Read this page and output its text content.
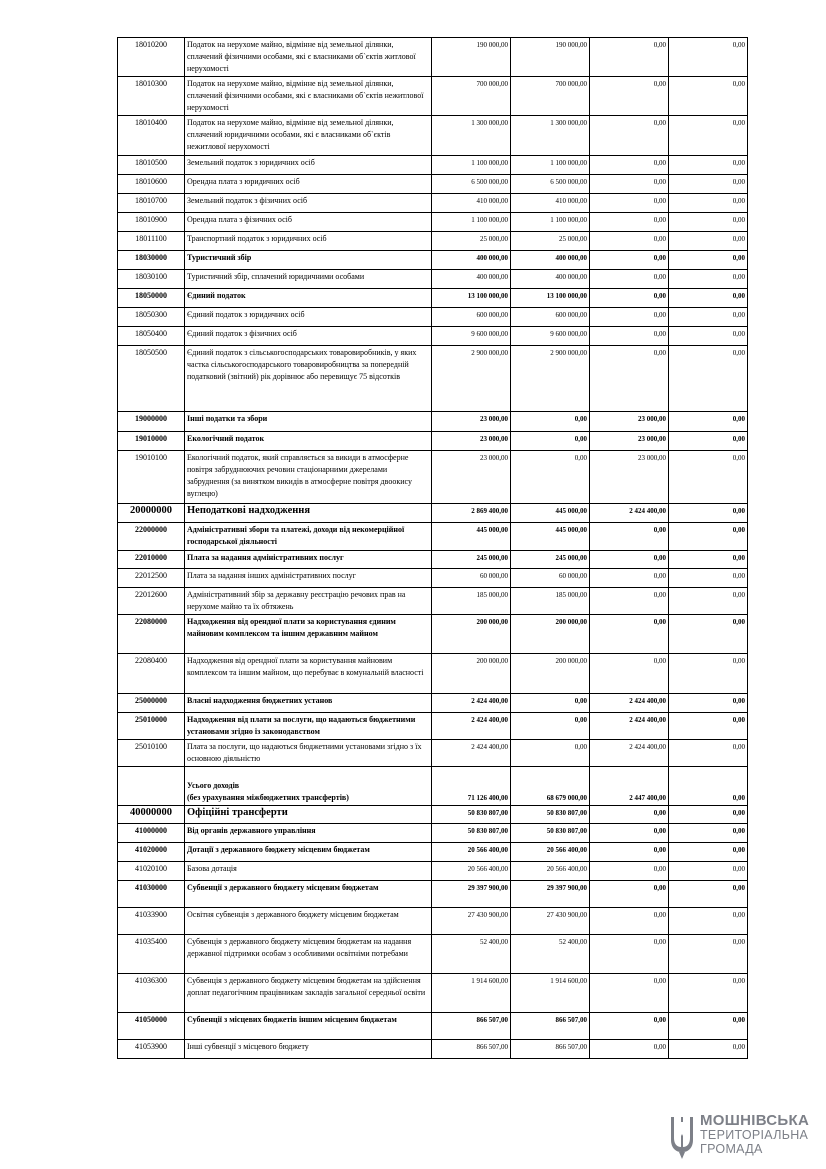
18010200	Податок на нерухоме майно, відмінне від земельної ділянки, сплачений фізичними особами, які є власниками об`єктів житлової нерухомості	190 000,00	190 000,00	0,00	0,00
18010300	Податок на нерухоме майно, відмінне від земельної ділянки, сплачений фізичними особами, які є власниками об`єктів нежитлової нерухомості	700 000,00	700 000,00	0,00	0,00
18010400	Податок на нерухоме майно, відмінне від земельної ділянки, сплачений юридичними особами, які є власниками об`єктів нежитлової нерухомості	1 300 000,00	1 300 000,00	0,00	0,00
18010500	Земельний податок з юридичних осіб	1 100 000,00	1 100 000,00	0,00	0,00
18010600	Орендна плата з юридичних осіб	6 500 000,00	6 500 000,00	0,00	0,00
18010700	Земельний податок з фізичних осіб	410 000,00	410 000,00	0,00	0,00
18010900	Орендна плата з фізичних осіб	1 100 000,00	1 100 000,00	0,00	0,00
18011100	Транспортний податок з юридичних осіб	25 000,00	25 000,00	0,00	0,00
18030000	Туристичний збір	400 000,00	400 000,00	0,00	0,00
18030100	Туристичний збір, сплачений юридичними особами	400 000,00	400 000,00	0,00	0,00
18050000	Єдиний податок	13 100 000,00	13 100 000,00	0,00	0,00
18050300	Єдиний податок з юридичних осіб	600 000,00	600 000,00	0,00	0,00
18050400	Єдиний податок з фізичних осіб	9 600 000,00	9 600 000,00	0,00	0,00
18050500	Єдиний податок з сільськогосподарських товаровиробників, у яких частка сільськогосподарського товаровиробництва за попередній податковий (звітний) рік дорівнює або перевищує 75 відсотків	2 900 000,00	2 900 000,00	0,00	0,00
19000000	Інші податки та збори	23 000,00	0,00	23 000,00	0,00
19010000	Екологічний податок	23 000,00	0,00	23 000,00	0,00
19010100	Екологічний податок, який справляється за викиди в атмосферне повітря забруднюючих речовин стаціонарними джерелами забруднення (за винятком викидів в атмосферне повітря двоокису вуглецю)	23 000,00	0,00	23 000,00	0,00
20000000	Неподаткові надходження	2 869 400,00	445 000,00	2 424 400,00	0,00
22000000	Адміністративні збори та платежі, доходи від некомерційної господарської діяльності	445 000,00	445 000,00	0,00	0,00
22010000	Плата за надання адміністративних послуг	245 000,00	245 000,00	0,00	0,00
22012500	Плата за надання інших адміністративних послуг	60 000,00	60 000,00	0,00	0,00
22012600	Адміністративний збір за державну реєстрацію речових прав на нерухоме майно та їх обтяжень	185 000,00	185 000,00	0,00	0,00
22080000	Надходження від орендної плати за користування єдиним майновим комплексом та іншим державним майном	200 000,00	200 000,00	0,00	0,00
22080400	Надходження від орендної плати за користування майновим комплексом та іншим майном, що перебуває в комунальній власності	200 000,00	200 000,00	0,00	0,00
25000000	Власні надходження бюджетних установ	2 424 400,00	0,00	2 424 400,00	0,00
25010000	Надходження від плати за послуги, що надаються бюджетними установами згідно із законодавством	2 424 400,00	0,00	2 424 400,00	0,00
25010100	Плата за послуги, що надаються бюджетними установами згідно з їх основною діяльністю	2 424 400,00	0,00	2 424 400,00	0,00
	Усього доходів
(без урахування міжбюджетних трансфертів)	71 126 400,00	68 679 000,00	2 447 400,00	0,00
40000000	Офіційні трансферти	50 830 807,00	50 830 807,00	0,00	0,00
41000000	Від органів державного управління	50 830 807,00	50 830 807,00	0,00	0,00
41020000	Дотації з державного бюджету місцевим бюджетам	20 566 400,00	20 566 400,00	0,00	0,00
41020100	Базова дотація	20 566 400,00	20 566 400,00	0,00	0,00
41030000	Субвенції з державного бюджету місцевим бюджетам	29 397 900,00	29 397 900,00	0,00	0,00
41033900	Освітня субвенція з державного бюджету місцевим бюджетам	27 430 900,00	27 430 900,00	0,00	0,00
41035400	Субвенція з державного бюджету місцевим бюджетам на надання державної підтримки особам з особливими освітніми потребами	52 400,00	52 400,00	0,00	0,00
41036300	Субвенція з державного бюджету місцевим бюджетам на здійснення доплат педагогічним працівникам закладів загальної середньої освіти	1 914 600,00	1 914 600,00	0,00	0,00
41050000	Субвенції з місцевих бюджетів іншим місцевим бюджетам	866 507,00	866 507,00	0,00	0,00
41053900	Інші субвенції з місцевого бюджету	866 507,00	866 507,00	0,00	0,00
МОШНІВСЬКА
ТЕРИТОРІАЛЬНА
ГРОМАДА
